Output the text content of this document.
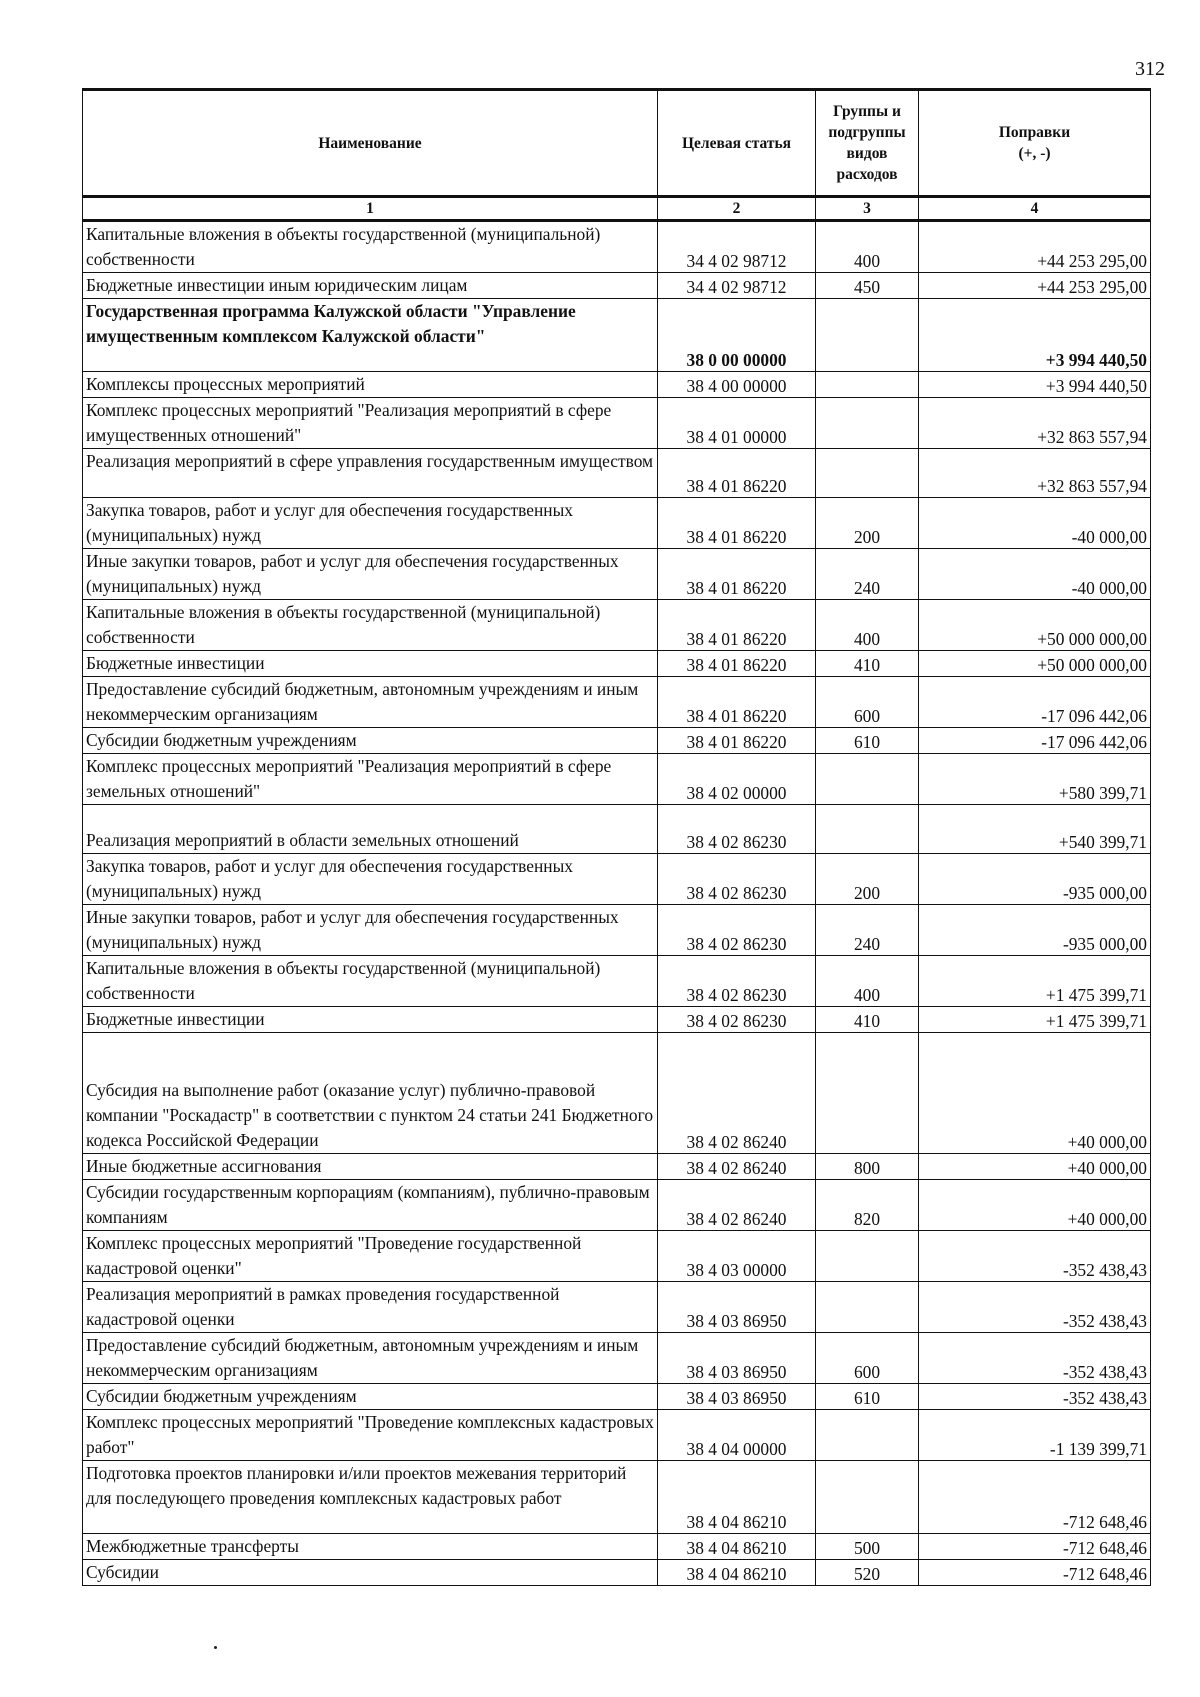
312
Наименование	Целевая статья	Группы и подгруппы видов расходов	Поправки
(+, -)
1	2	3	4
Капитальные вложения в объекты государственной (муниципальной) собственности	34 4 02 98712	400	+44 253 295,00
Бюджетные инвестиции иным юридическим лицам	34 4 02 98712	450	+44 253 295,00
Государственная программа Калужской области "Управление имущественным комплексом Калужской области"	38 0 00 00000		+3 994 440,50
Комплексы процессных мероприятий	38 4 00 00000		+3 994 440,50
Комплекс процессных мероприятий "Реализация мероприятий в сфере имущественных отношений"	38 4 01 00000		+32 863 557,94
Реализация мероприятий в сфере управления государственным имуществом	38 4 01 86220		+32 863 557,94
Закупка товаров, работ и услуг для обеспечения государственных (муниципальных) нужд	38 4 01 86220	200	-40 000,00
Иные закупки товаров, работ и услуг для обеспечения государственных (муниципальных) нужд	38 4 01 86220	240	-40 000,00
Капитальные вложения в объекты государственной (муниципальной) собственности	38 4 01 86220	400	+50 000 000,00
Бюджетные инвестиции	38 4 01 86220	410	+50 000 000,00
Предоставление субсидий бюджетным, автономным учреждениям и иным некоммерческим организациям	38 4 01 86220	600	-17 096 442,06
Субсидии бюджетным учреждениям	38 4 01 86220	610	-17 096 442,06
Комплекс процессных мероприятий "Реализация мероприятий в сфере земельных отношений"	38 4 02 00000		+580 399,71
Реализация мероприятий в области земельных отношений	38 4 02 86230		+540 399,71
Закупка товаров, работ и услуг для обеспечения государственных (муниципальных) нужд	38 4 02 86230	200	-935 000,00
Иные закупки товаров, работ и услуг для обеспечения государственных (муниципальных) нужд	38 4 02 86230	240	-935 000,00
Капитальные вложения в объекты государственной (муниципальной) собственности	38 4 02 86230	400	+1 475 399,71
Бюджетные инвестиции	38 4 02 86230	410	+1 475 399,71
Субсидия на выполнение работ (оказание услуг) публично-правовой компании "Роскадастр" в соответствии с пунктом 24 статьи 241 Бюджетного кодекса Российской Федерации	38 4 02 86240		+40 000,00
Иные бюджетные ассигнования	38 4 02 86240	800	+40 000,00
Субсидии государственным корпорациям (компаниям), публично-правовым компаниям	38 4 02 86240	820	+40 000,00
Комплекс процессных мероприятий "Проведение государственной кадастровой оценки"	38 4 03 00000		-352 438,43
Реализация мероприятий в рамках проведения государственной кадастровой оценки	38 4 03 86950		-352 438,43
Предоставление субсидий бюджетным, автономным учреждениям и иным некоммерческим организациям	38 4 03 86950	600	-352 438,43
Субсидии бюджетным учреждениям	38 4 03 86950	610	-352 438,43
Комплекс процессных мероприятий "Проведение комплексных кадастровых работ"	38 4 04 00000		-1 139 399,71
Подготовка проектов планировки и/или проектов межевания территорий для последующего проведения комплексных кадастровых работ	38 4 04 86210		-712 648,46
Межбюджетные трансферты	38 4 04 86210	500	-712 648,46
Субсидии	38 4 04 86210	520	-712 648,46
